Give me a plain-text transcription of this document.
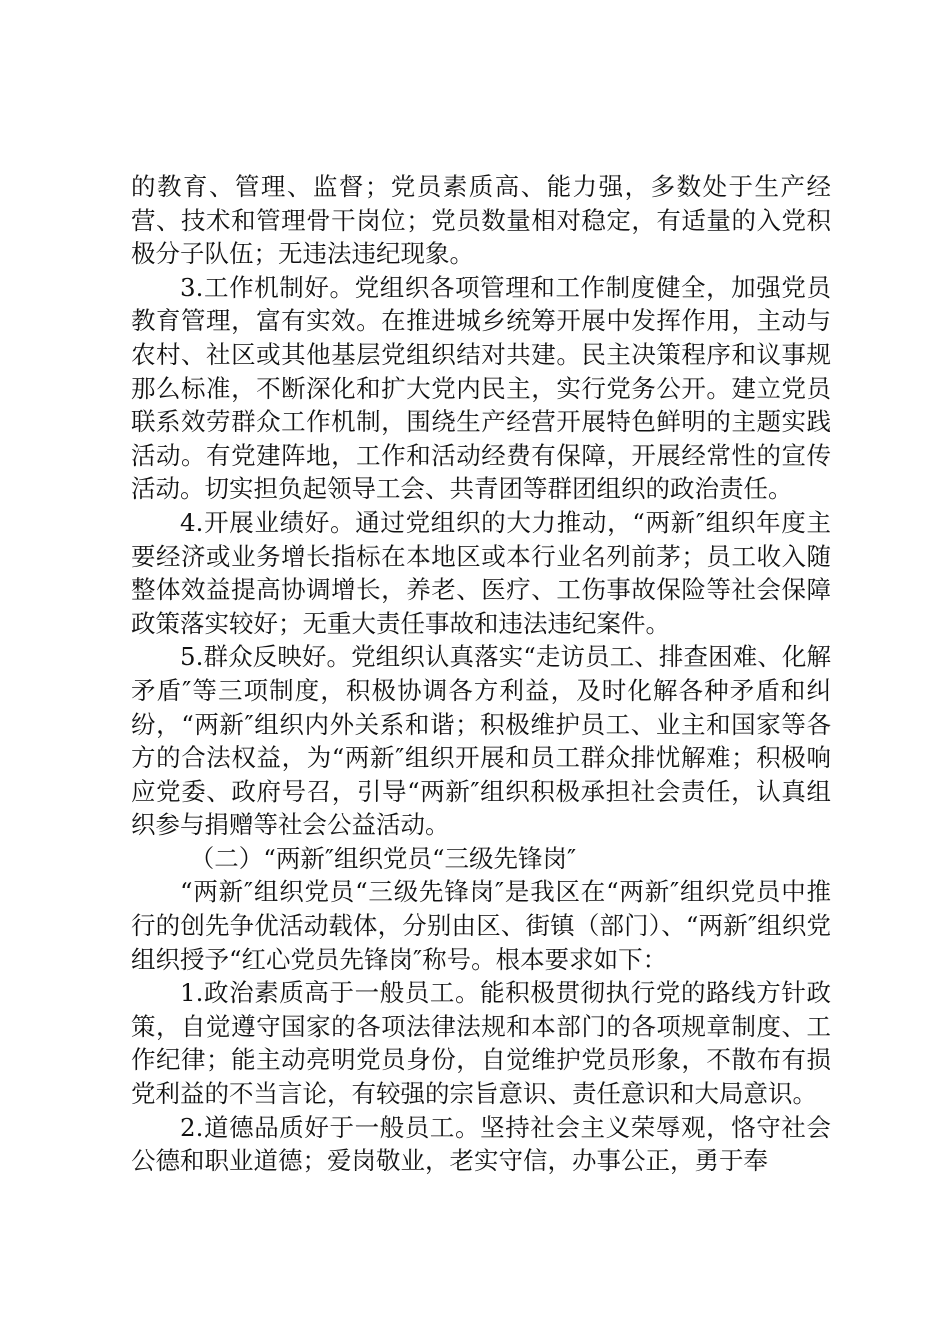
的教育、管理、监督；党员素质高、能力强，多数处于生产经营、技术和管理骨干岗位；党员数量相对稳定，有适量的入党积极分子队伍；无违法违纪现象。

3.工作机制好。党组织各项管理和工作制度健全，加强党员教育管理，富有实效。在推进城乡统筹开展中发挥作用，主动与农村、社区或其他基层党组织结对共建。民主决策程序和议事规那么标准，不断深化和扩大党内民主，实行党务公开。建立党员联系效劳群众工作机制，围绕生产经营开展特色鲜明的主题实践活动。有党建阵地，工作和活动经费有保障，开展经常性的宣传活动。切实担负起领导工会、共青团等群团组织的政治责任。

4.开展业绩好。通过党组织的大力推动，“两新″组织年度主要经济或业务增长指标在本地区或本行业名列前茅；员工收入随整体效益提高协调增长，养老、医疗、工伤事故保险等社会保障政策落实较好；无重大责任事故和违法违纪案件。

5.群众反映好。党组织认真落实“走访员工、排查困难、化解矛盾″等三项制度，积极协调各方利益，及时化解各种矛盾和纠纷，“两新″组织内外关系和谐；积极维护员工、业主和国家等各方的合法权益，为“两新″组织开展和员工群众排忧解难；积极响应党委、政府号召，引导“两新″组织积极承担社会责任，认真组织参与捐赠等社会公益活动。

（二）“两新″组织党员“三级先锋岗″

“两新″组织党员“三级先锋岗″是我区在“两新″组织党员中推行的创先争优活动载体，分别由区、街镇（部门）、“两新″组织党组织授予“红心党员先锋岗″称号。根本要求如下：

1.政治素质高于一般员工。能积极贯彻执行党的路线方针政策，自觉遵守国家的各项法律法规和本部门的各项规章制度、工作纪律；能主动亮明党员身份，自觉维护党员形象，不散布有损党利益的不当言论，有较强的宗旨意识、责任意识和大局意识。

2.道德品质好于一般员工。坚持社会主义荣辱观，恪守社会公德和职业道德；爱岗敬业，老实守信，办事公正，勇于奉
